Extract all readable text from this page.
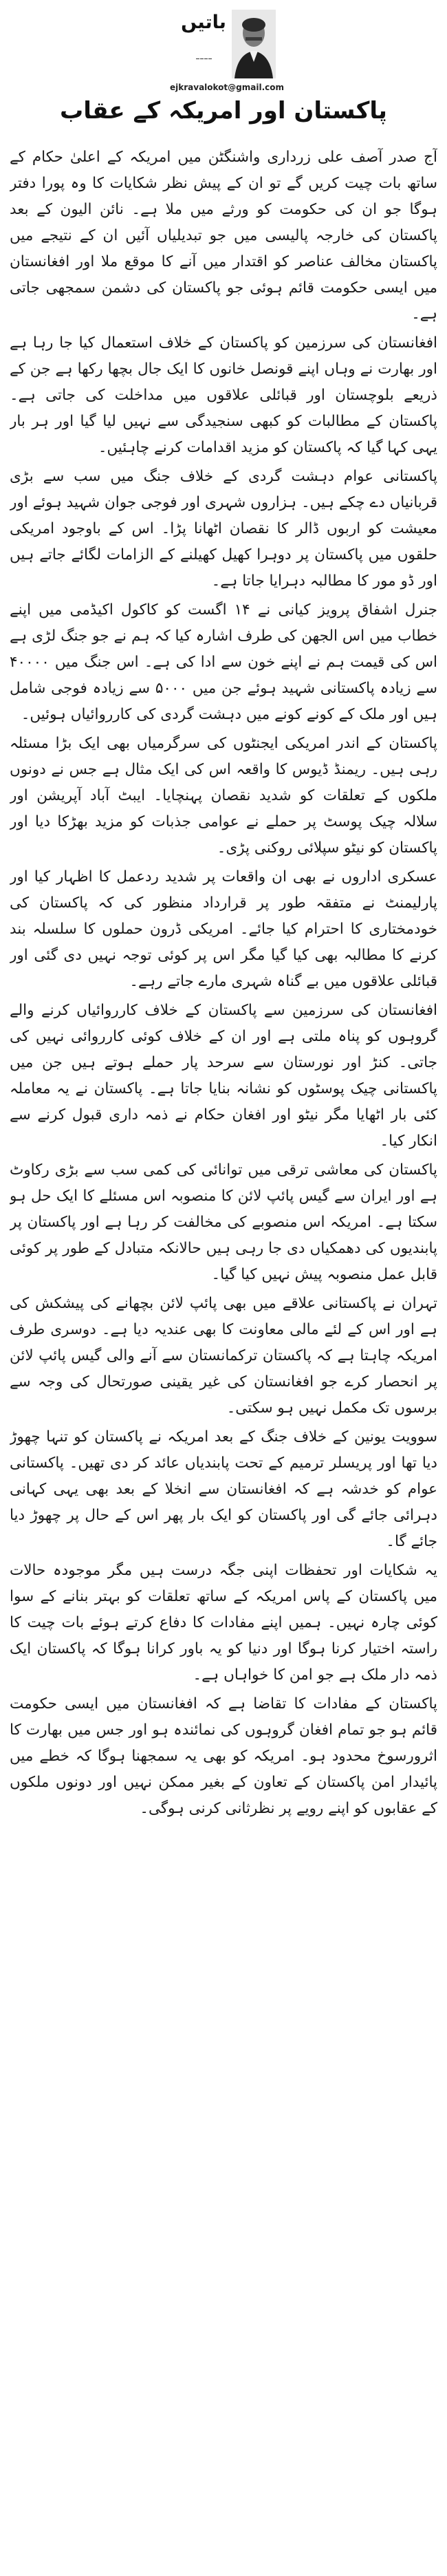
باتیں
⎯⎯⎯⎯
ejkravalokot@gmail.com
پاکستان اور امریکہ کے عقاب

آج صدر آصف علی زرداری واشنگٹن میں امریکہ کے اعلیٰ حکام کے ساتھ بات چیت کریں گے تو ان کے پیش نظر شکایات کا وہ پورا دفتر ہوگا جو ان کی حکومت کو ورثے میں ملا ہے۔ نائن الیون کے بعد پاکستان کی خارجہ پالیسی میں جو تبدیلیاں آئیں ان کے نتیجے میں پاکستان مخالف عناصر کو اقتدار میں آنے کا موقع ملا اور افغانستان میں ایسی حکومت قائم ہوئی جو پاکستان کی دشمن سمجھی جاتی ہے۔

افغانستان کی سرزمین کو پاکستان کے خلاف استعمال کیا جا رہا ہے اور بھارت نے وہاں اپنے قونصل خانوں کا ایک جال بچھا رکھا ہے جن کے ذریعے بلوچستان اور قبائلی علاقوں میں مداخلت کی جاتی ہے۔ پاکستان کے مطالبات کو کبھی سنجیدگی سے نہیں لیا گیا اور ہر بار یہی کہا گیا کہ پاکستان کو مزید اقدامات کرنے چاہئیں۔

پاکستانی عوام دہشت گردی کے خلاف جنگ میں سب سے بڑی قربانیاں دے چکے ہیں۔ ہزاروں شہری اور فوجی جوان شہید ہوئے اور معیشت کو اربوں ڈالر کا نقصان اٹھانا پڑا۔ اس کے باوجود امریکی حلقوں میں پاکستان پر دوہرا کھیل کھیلنے کے الزامات لگائے جاتے ہیں اور ڈو مور کا مطالبہ دہرایا جاتا ہے۔

جنرل اشفاق پرویز کیانی نے ۱۴ اگست کو کاکول اکیڈمی میں اپنے خطاب میں اس الجھن کی طرف اشارہ کیا کہ ہم نے جو جنگ لڑی ہے اس کی قیمت ہم نے اپنے خون سے ادا کی ہے۔ اس جنگ میں ۴۰۰۰۰ سے زیادہ پاکستانی شہید ہوئے جن میں ۵۰۰۰ سے زیادہ فوجی شامل ہیں اور ملک کے کونے کونے میں دہشت گردی کی کارروائیاں ہوئیں۔

پاکستان کے اندر امریکی ایجنٹوں کی سرگرمیاں بھی ایک بڑا مسئلہ رہی ہیں۔ ریمنڈ ڈیوس کا واقعہ اس کی ایک مثال ہے جس نے دونوں ملکوں کے تعلقات کو شدید نقصان پہنچایا۔ ایبٹ آباد آپریشن اور سلالہ چیک پوسٹ پر حملے نے عوامی جذبات کو مزید بھڑکا دیا اور پاکستان کو نیٹو سپلائی روکنی پڑی۔

عسکری اداروں نے بھی ان واقعات پر شدید ردعمل کا اظہار کیا اور پارلیمنٹ نے متفقہ طور پر قرارداد منظور کی کہ پاکستان کی خودمختاری کا احترام کیا جائے۔ امریکی ڈرون حملوں کا سلسلہ بند کرنے کا مطالبہ بھی کیا گیا مگر اس پر کوئی توجہ نہیں دی گئی اور قبائلی علاقوں میں بے گناہ شہری مارے جاتے رہے۔

افغانستان کی سرزمین سے پاکستان کے خلاف کارروائیاں کرنے والے گروہوں کو پناہ ملتی ہے اور ان کے خلاف کوئی کارروائی نہیں کی جاتی۔ کنڑ اور نورستان سے سرحد پار حملے ہوتے ہیں جن میں پاکستانی چیک پوسٹوں کو نشانہ بنایا جاتا ہے۔ پاکستان نے یہ معاملہ کئی بار اٹھایا مگر نیٹو اور افغان حکام نے ذمہ داری قبول کرنے سے انکار کیا۔

پاکستان کی معاشی ترقی میں توانائی کی کمی سب سے بڑی رکاوٹ ہے اور ایران سے گیس پائپ لائن کا منصوبہ اس مسئلے کا ایک حل ہو سکتا ہے۔ امریکہ اس منصوبے کی مخالفت کر رہا ہے اور پاکستان پر پابندیوں کی دھمکیاں دی جا رہی ہیں حالانکہ متبادل کے طور پر کوئی قابل عمل منصوبہ پیش نہیں کیا گیا۔

تہران نے پاکستانی علاقے میں بھی پائپ لائن بچھانے کی پیشکش کی ہے اور اس کے لئے مالی معاونت کا بھی عندیہ دیا ہے۔ دوسری طرف امریکہ چاہتا ہے کہ پاکستان ترکمانستان سے آنے والی گیس پائپ لائن پر انحصار کرے جو افغانستان کی غیر یقینی صورتحال کی وجہ سے برسوں تک مکمل نہیں ہو سکتی۔

سوویت یونین کے خلاف جنگ کے بعد امریکہ نے پاکستان کو تنہا چھوڑ دیا تھا اور پریسلر ترمیم کے تحت پابندیاں عائد کر دی تھیں۔ پاکستانی عوام کو خدشہ ہے کہ افغانستان سے انخلا کے بعد بھی یہی کہانی دہرائی جائے گی اور پاکستان کو ایک بار پھر اس کے حال پر چھوڑ دیا جائے گا۔

یہ شکایات اور تحفظات اپنی جگہ درست ہیں مگر موجودہ حالات میں پاکستان کے پاس امریکہ کے ساتھ تعلقات کو بہتر بنانے کے سوا کوئی چارہ نہیں۔ ہمیں اپنے مفادات کا دفاع کرتے ہوئے بات چیت کا راستہ اختیار کرنا ہوگا اور دنیا کو یہ باور کرانا ہوگا کہ پاکستان ایک ذمہ دار ملک ہے جو امن کا خواہاں ہے۔

پاکستان کے مفادات کا تقاضا ہے کہ افغانستان میں ایسی حکومت قائم ہو جو تمام افغان گروہوں کی نمائندہ ہو اور جس میں بھارت کا اثرورسوخ محدود ہو۔ امریکہ کو بھی یہ سمجھنا ہوگا کہ خطے میں پائیدار امن پاکستان کے تعاون کے بغیر ممکن نہیں اور دونوں ملکوں کے عقابوں کو اپنے رویے پر نظرثانی کرنی ہوگی۔
